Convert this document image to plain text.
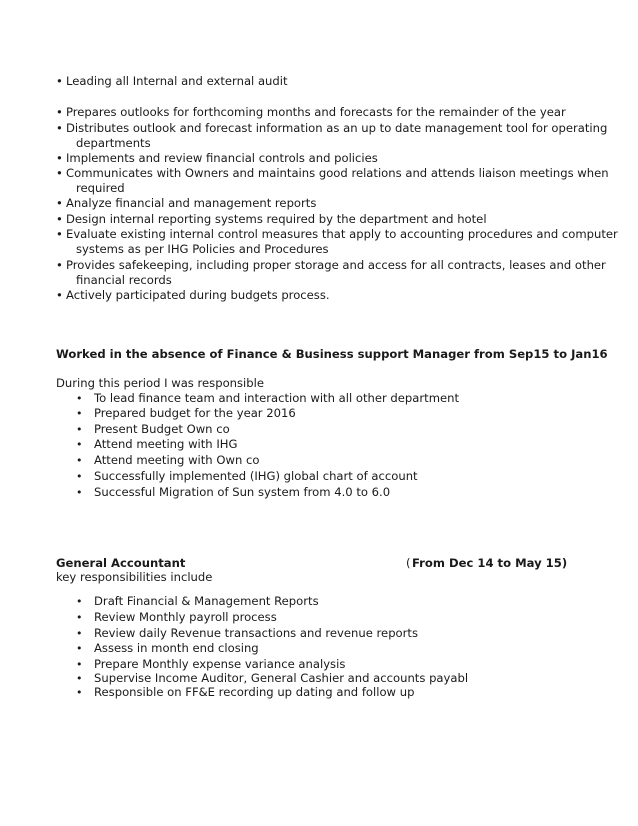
• Leading all Internal and external audit
• Prepares outlooks for forthcoming months and forecasts for the remainder of the year
• Distributes outlook and forecast information as an up to date management tool for operating
departments
• Implements and review financial controls and policies
• Communicates with Owners and maintains good relations and attends liaison meetings when
required
• Analyze financial and management reports
• Design internal reporting systems required by the department and hotel
• Evaluate existing internal control measures that apply to accounting procedures and computer
systems as per IHG Policies and Procedures
• Provides safekeeping, including proper storage and access for all contracts, leases and other
financial records
• Actively participated during budgets process.
Worked in the absence of Finance & Business support Manager from Sep15 to Jan16
During this period I was responsible
• To lead finance team and interaction with all other department
• Prepared budget for the year 2016
• Present Budget Own co
• Attend meeting with IHG
• Attend meeting with Own co
• Successfully implemented (IHG) global chart of account
• Successful Migration of Sun system from 4.0 to 6.0
General Accountant	( From Dec 14 to May 15)
key responsibilities include
• Draft Financial & Management Reports
• Review Monthly payroll process
• Review daily Revenue transactions and revenue reports
• Assess in month end closing
• Prepare Monthly expense variance analysis
• Supervise Income Auditor, General Cashier and accounts payabl
• Responsible on FF&E recording up dating and follow up
